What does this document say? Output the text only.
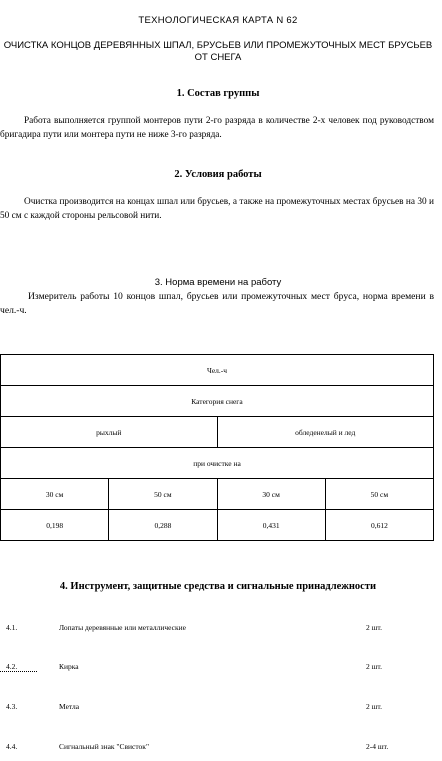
ТЕХНОЛОГИЧЕСКАЯ КАРТА N 62
ОЧИСТКА КОНЦОВ ДЕРЕВЯННЫХ ШПАЛ, БРУСЬЕВ ИЛИ ПРОМЕЖУТОЧНЫХ МЕСТ БРУСЬЕВ ОТ СНЕГА
1. Состав группы
Работа выполняется группой монтеров пути 2-го разряда в количестве 2-х человек под руководством бригадира пути или монтера пути не ниже 3-го разряда.
2. Условия работы
Очистка производится на концах шпал или брусьев, а также на промежуточных местах брусьев на 30 и 50 см с каждой стороны рельсовой нити.
3. Норма времени на работу
Измеритель работы 10 концов шпал, брусьев или промежуточных мест бруса, норма времени в чел.-ч.
Чел.-ч			
Категория снега			
рыхлый		обледенелый и лед	
при очистке на			
30 см	50 см	30 см	50 см
0,198	0,288	0,431	0,612
4. Инструмент, защитные средства и сигнальные принадлежности
4.1.	Лопаты деревянные или металлические	2 шт.
4.2.	Кирка	2 шт.
4.3.	Метла	2 шт.
4.4.	Сигнальный знак "Свисток"	2-4 шт.
